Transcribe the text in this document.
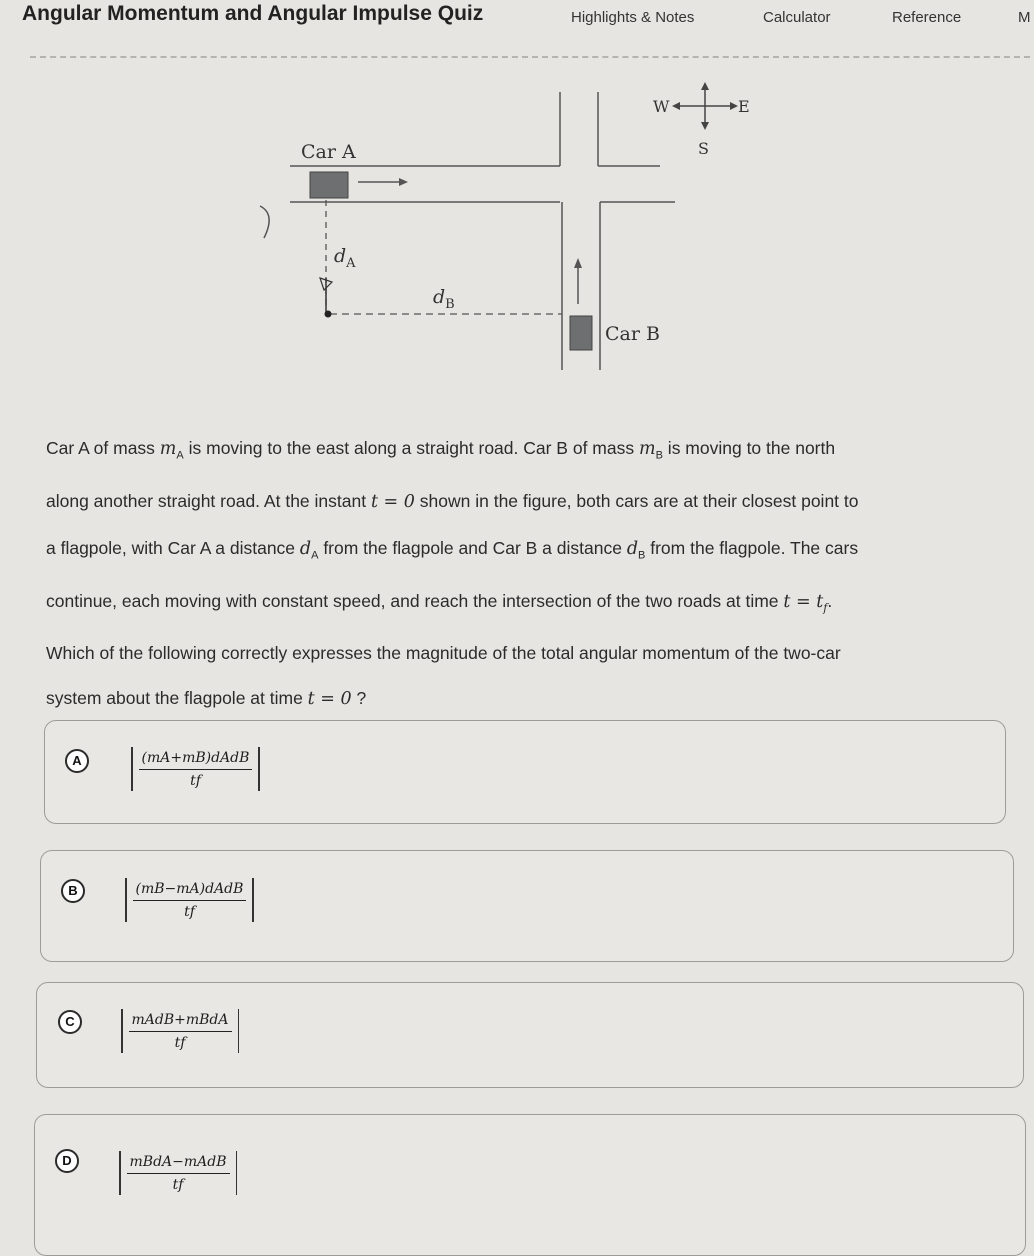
Angular Momentum and Angular Impulse Quiz	Highlights & Notes	Calculator	Reference	M
W	E
S
Car A
Car B
$d_A$
$d_B$
Car A of mass $m_A$ is moving to the east along a straight road. Car B of mass $m_B$ is moving to the north
along another straight road. At the instant t = 0 shown in the figure, both cars are at their closest point to
a flagpole, with Car A a distance $d_A$ from the flagpole and Car B a distance $d_B$ from the flagpole. The cars
continue, each moving with constant speed, and reach the intersection of the two roads at time $t = t_f$.
Which of the following correctly expresses the magnitude of the total angular momentum of the two-car
system about the flagpole at time t = 0 ?
A	$\frac{\text{(mA+mB)dAdB}}{tf}$
B	$\frac{\text{(mB−mA)dAdB}}{tf}$
C	$\frac{\text{mAdB+mBdA}}{tf}$
D	$\frac{\text{mBdA−mAdB}}{tf}$
